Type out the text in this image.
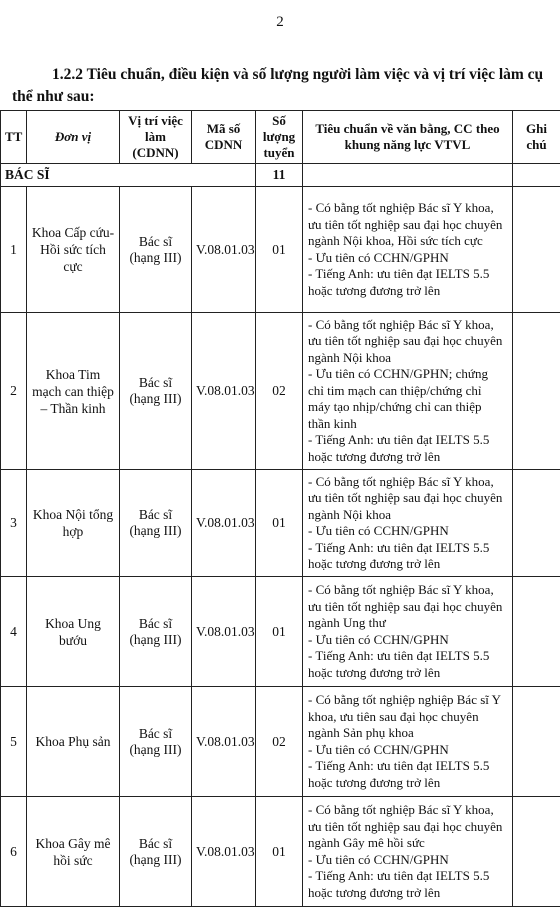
2
1.2.2 Tiêu chuẩn, điều kiện và số lượng người làm việc và vị trí việc làm cụ thể như sau:
TT	Đơn vị	Vị trí việc làm (CDNN)	Mã số CDNN	Số lượng tuyển	Tiêu chuẩn về văn bằng, CC theo khung năng lực VTVL	Ghi chú
BÁC SĨ				11		
1	Khoa Cấp cứu-Hồi sức tích cực	Bác sĩ (hạng III)	V.08.01.03	01	- Có bằng tốt nghiệp Bác sĩ Y khoa, ưu tiên tốt nghiệp sau đại học chuyên ngành Nội khoa, Hồi sức tích cực
- Ưu tiên có CCHN/GPHN
- Tiếng Anh: ưu tiên đạt IELTS 5.5 hoặc tương đương trở lên	

2	Khoa Tim mạch can thiệp – Thần kinh	Bác sĩ (hạng III)	V.08.01.03	02	- Có bằng tốt nghiệp Bác sĩ Y khoa, ưu tiên tốt nghiệp sau đại học chuyên ngành Nội khoa
- Ưu tiên có CCHN/GPHN; chứng chỉ tim mạch can thiệp/chứng chỉ máy tạo nhịp/chứng chỉ can thiệp thần kinh
- Tiếng Anh: ưu tiên đạt IELTS 5.5 hoặc tương đương trở lên	

3	Khoa Nội tổng hợp	Bác sĩ (hạng III)	V.08.01.03	01	- Có bằng tốt nghiệp Bác sĩ Y khoa, ưu tiên tốt nghiệp sau đại học chuyên ngành Nội khoa
- Ưu tiên có CCHN/GPHN
- Tiếng Anh: ưu tiên đạt IELTS 5.5 hoặc tương đương trở lên	

4	Khoa Ung bướu	Bác sĩ (hạng III)	V.08.01.03	01	- Có bằng tốt nghiệp Bác sĩ Y khoa, ưu tiên tốt nghiệp sau đại học chuyên ngành Ung thư
- Ưu tiên có CCHN/GPHN
- Tiếng Anh: ưu tiên đạt IELTS 5.5 hoặc tương đương trở lên	

5	Khoa Phụ sản	Bác sĩ (hạng III)	V.08.01.03	02	- Có bằng tốt nghiệp nghiệp Bác sĩ Y khoa, ưu tiên sau đại học chuyên ngành Sản phụ khoa
- Ưu tiên có CCHN/GPHN
- Tiếng Anh: ưu tiên đạt IELTS 5.5 hoặc tương đương trở lên	

6	Khoa Gây mê hồi sức	Bác sĩ (hạng III)	V.08.01.03	01	- Có bằng tốt nghiệp Bác sĩ Y khoa, ưu tiên tốt nghiệp sau đại học chuyên ngành Gây mê hồi sức
- Ưu tiên có CCHN/GPHN
- Tiếng Anh: ưu tiên đạt IELTS 5.5 hoặc tương đương trở lên	
